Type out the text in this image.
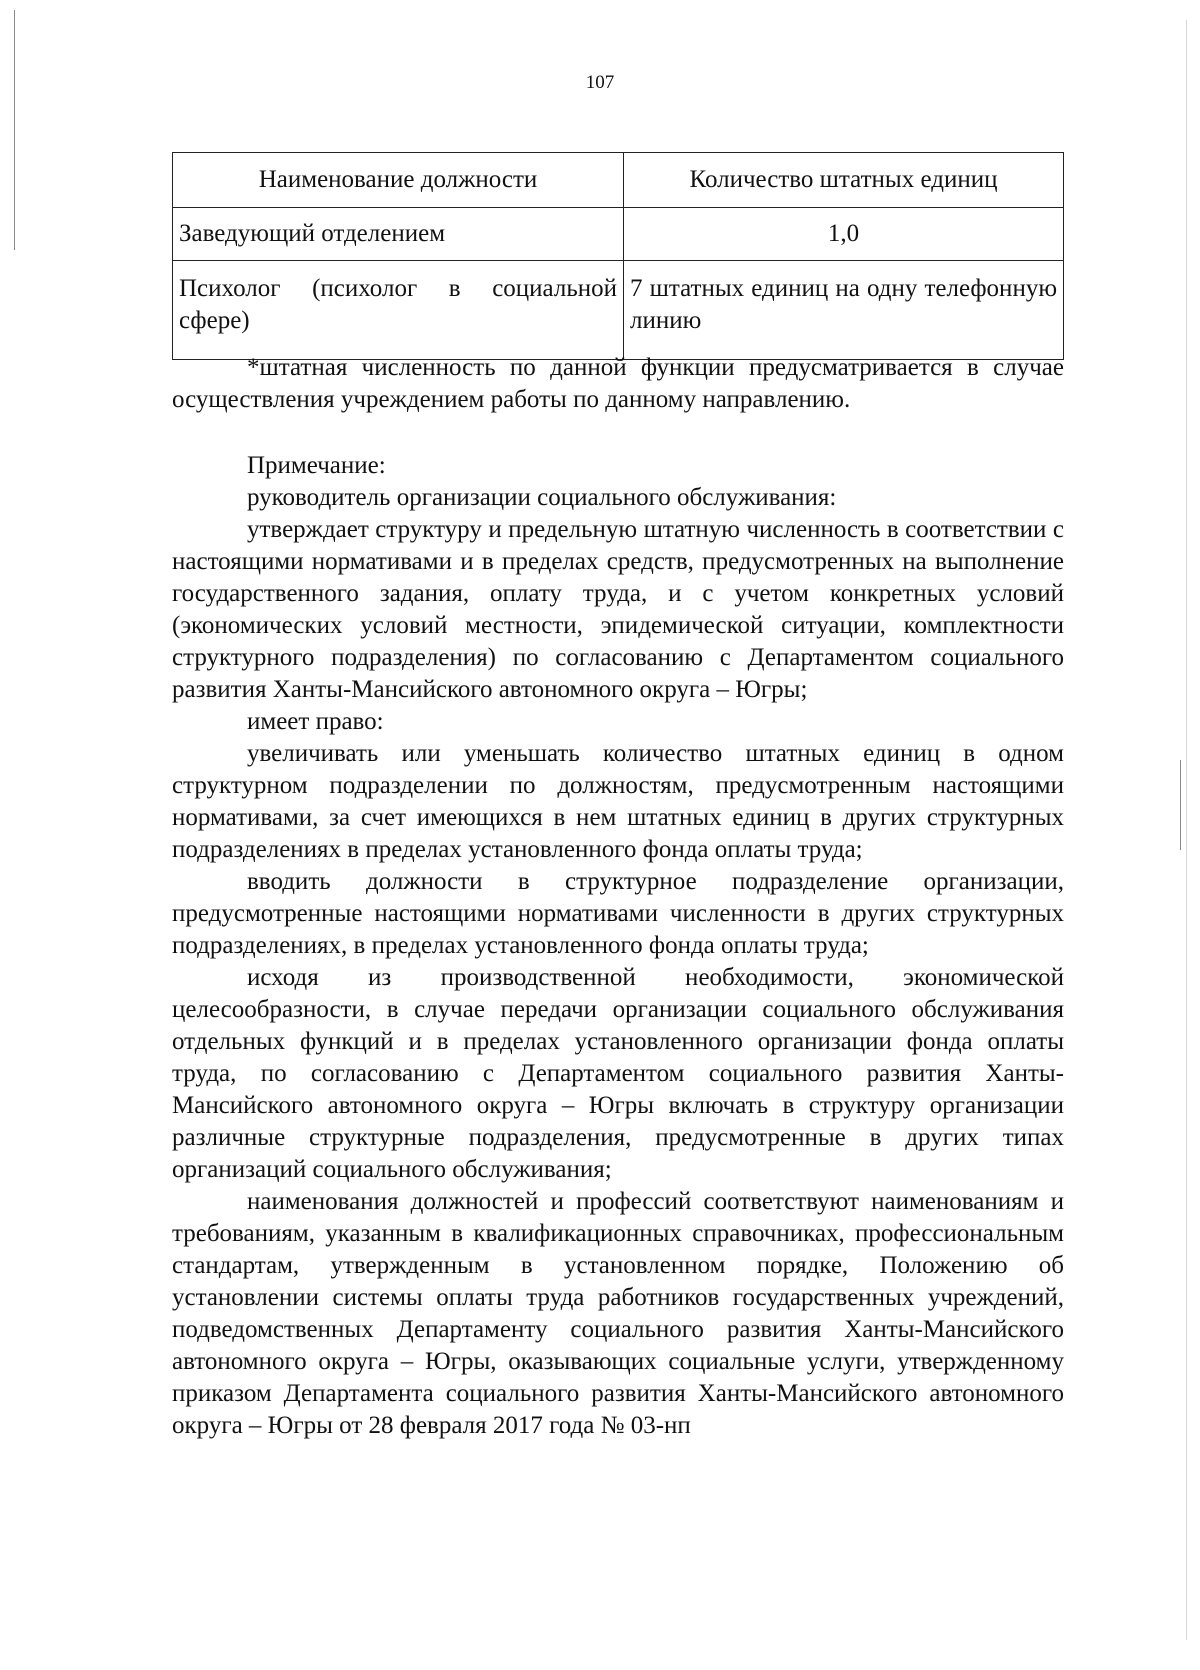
107
Наименование должности	Количество штатных единиц
Заведующий отделением	1,0
Психолог (психолог в социальной сфере)	7 штатных единиц на одну телефонную линию

*штатная численность по данной функции предусматривается в случае осуществления учреждением работы по данному направлению.

Примечание:

руководитель организации социального обслуживания:

утверждает структуру и предельную штатную численность в соответствии с настоящими нормативами и в пределах средств, предусмотренных на выполнение государственного задания, оплату труда, и с учетом конкретных условий (экономических условий местности, эпидемической ситуации, комплектности структурного подразделения) по согласованию с Департаментом социального развития Ханты-Мансийского автономного округа – Югры;

имеет право:

увеличивать или уменьшать количество штатных единиц в одном структурном подразделении по должностям, предусмотренным настоящими нормативами, за счет имеющихся в нем штатных единиц в других структурных подразделениях в пределах установленного фонда оплаты труда;

вводить должности в структурное подразделение организации, предусмотренные настоящими нормативами численности в других структурных подразделениях, в пределах установленного фонда оплаты труда;

исходя из производственной необходимости, экономической целесообразности, в случае передачи организации социального обслуживания отдельных функций и в пределах установленного организации фонда оплаты труда, по согласованию с Департаментом социального развития Ханты-Мансийского автономного округа – Югры включать в структуру организации различные структурные подразделения, предусмотренные в других типах организаций социального обслуживания;

наименования должностей и профессий соответствуют наименованиям и требованиям, указанным в квалификационных справочниках, профессиональным стандартам, утвержденным в установленном порядке, Положению об установлении системы оплаты труда работников государственных учреждений, подведомственных Департаменту социального развития Ханты-Мансийского автономного округа – Югры, оказывающих социальные услуги, утвержденному приказом Департамента социального развития Ханты-Мансийского автономного округа – Югры от 28 февраля 2017 года № 03-нп
